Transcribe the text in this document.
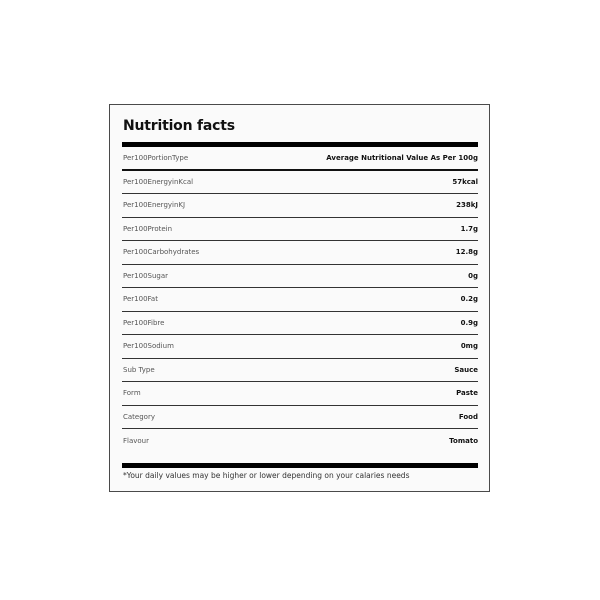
Nutrition facts
Per100PortionType	Average Nutritional Value As Per 100g
Per100EnergyinKcal	57kcal
Per100EnergyinKJ	238kJ
Per100Protein	1.7g
Per100Carbohydrates	12.8g
Per100Sugar	0g
Per100Fat	0.2g
Per100Fibre	0.9g
Per100Sodium	0mg
Sub Type	Sauce
Form	Paste
Category	Food
Flavour	Tomato
*Your daily values may be higher or lower depending on your calaries needs
